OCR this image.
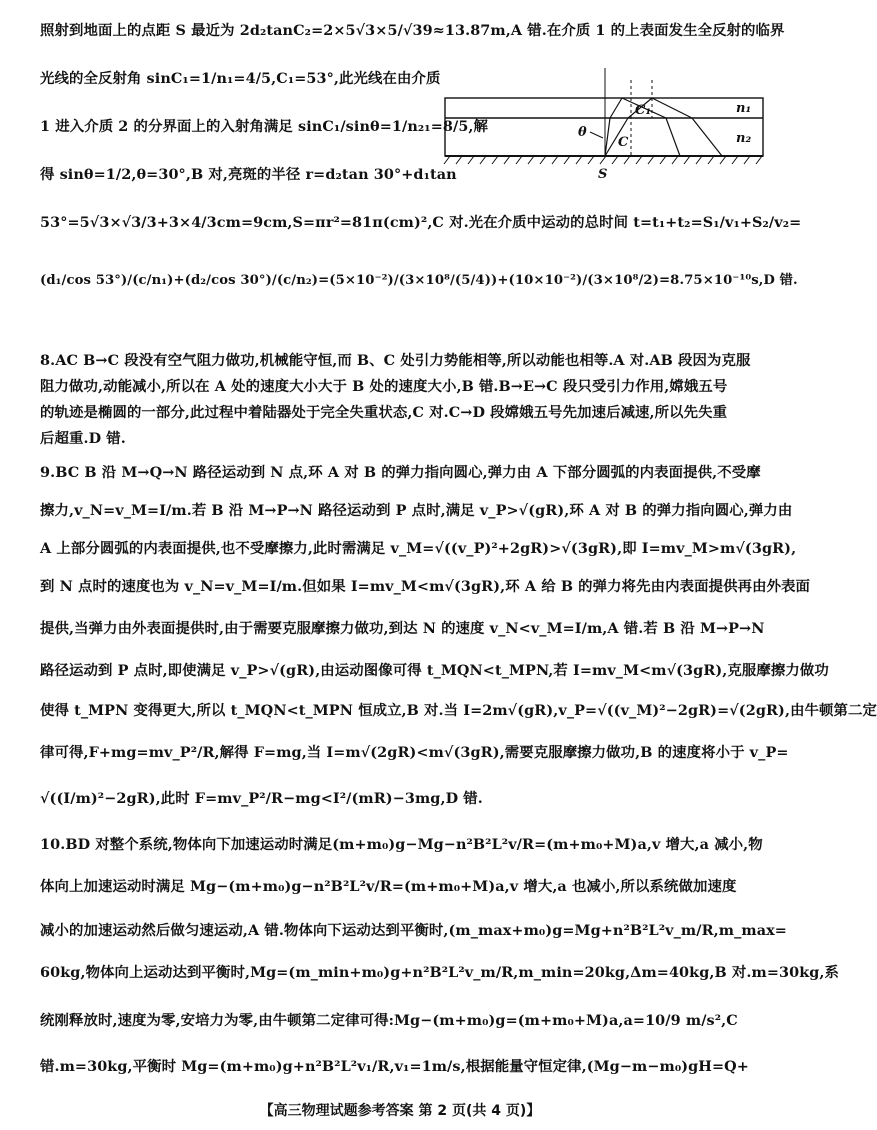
照射到地面上的点距 S 最近为 2d₂tanC₂=2×5√3×5/√39≈13.87m,A 错.在介质 1 的上表面发生全反射的临界
光线的全反射角 sinC₁=1/n₁=4/5,C₁=53°,此光线在由介质
1 进入介质 2 的分界面上的入射角满足 sinC₁/sinθ=1/n₂₁=8/5,解
得 sinθ=1/2,θ=30°,B 对,亮斑的半径 r=d₂tan 30°+d₁tan
n₁
n₂
C₁
C
θ
S
53°=5√3×√3/3+3×4/3cm=9cm,S=πr²=81π(cm)²,C 对.光在介质中运动的总时间 t=t₁+t₂=S₁/v₁+S₂/v₂=
(d₁/cos 53°)/(c/n₁)+(d₂/cos 30°)/(c/n₂)=(5×10⁻²)/(3×10⁸/(5/4))+(10×10⁻²)/(3×10⁸/2)=8.75×10⁻¹⁰s,D 错.
8.AC B→C 段没有空气阻力做功,机械能守恒,而 B、C 处引力势能相等,所以动能也相等.A 对.AB 段因为克服
阻力做功,动能减小,所以在 A 处的速度大小大于 B 处的速度大小,B 错.B→E→C 段只受引力作用,嫦娥五号
的轨迹是椭圆的一部分,此过程中着陆器处于完全失重状态,C 对.C→D 段嫦娥五号先加速后减速,所以先失重
后超重.D 错.
9.BC B 沿 M→Q→N 路径运动到 N 点,环 A 对 B 的弹力指向圆心,弹力由 A 下部分圆弧的内表面提供,不受摩
擦力,v_N=v_M=I/m.若 B 沿 M→P→N 路径运动到 P 点时,满足 v_P>√(gR),环 A 对 B 的弹力指向圆心,弹力由
A 上部分圆弧的内表面提供,也不受摩擦力,此时需满足 v_M=√((v_P)²+2gR)>√(3gR),即 I=mv_M>m√(3gR),
到 N 点时的速度也为 v_N=v_M=I/m.但如果 I=mv_M<m√(3gR),环 A 给 B 的弹力将先由内表面提供再由外表面
提供,当弹力由外表面提供时,由于需要克服摩擦力做功,到达 N 的速度 v_N<v_M=I/m,A 错.若 B 沿 M→P→N
路径运动到 P 点时,即使满足 v_P>√(gR),由运动图像可得 t_MQN<t_MPN,若 I=mv_M<m√(3gR),克服摩擦力做功
使得 t_MPN 变得更大,所以 t_MQN<t_MPN 恒成立,B 对.当 I=2m√(gR),v_P=√((v_M)²−2gR)=√(2gR),由牛顿第二定
律可得,F+mg=mv_P²/R,解得 F=mg,当 I=m√(2gR)<m√(3gR),需要克服摩擦力做功,B 的速度将小于 v_P=
√((I/m)²−2gR),此时 F=mv_P²/R−mg<I²/(mR)−3mg,D 错.
10.BD 对整个系统,物体向下加速运动时满足(m+m₀)g−Mg−n²B²L²v/R=(m+m₀+M)a,v 增大,a 减小,物
体向上加速运动时满足 Mg−(m+m₀)g−n²B²L²v/R=(m+m₀+M)a,v 增大,a 也减小,所以系统做加速度
减小的加速运动然后做匀速运动,A 错.物体向下运动达到平衡时,(m_max+m₀)g=Mg+n²B²L²v_m/R,m_max=
60kg,物体向上运动达到平衡时,Mg=(m_min+m₀)g+n²B²L²v_m/R,m_min=20kg,Δm=40kg,B 对.m=30kg,系
统刚释放时,速度为零,安培力为零,由牛顿第二定律可得:Mg−(m+m₀)g=(m+m₀+M)a,a=10/9 m/s²,C
错.m=30kg,平衡时 Mg=(m+m₀)g+n²B²L²v₁/R,v₁=1m/s,根据能量守恒定律,(Mg−m−m₀)gH=Q+
【高三物理试题参考答案 第 2 页(共 4 页)】
